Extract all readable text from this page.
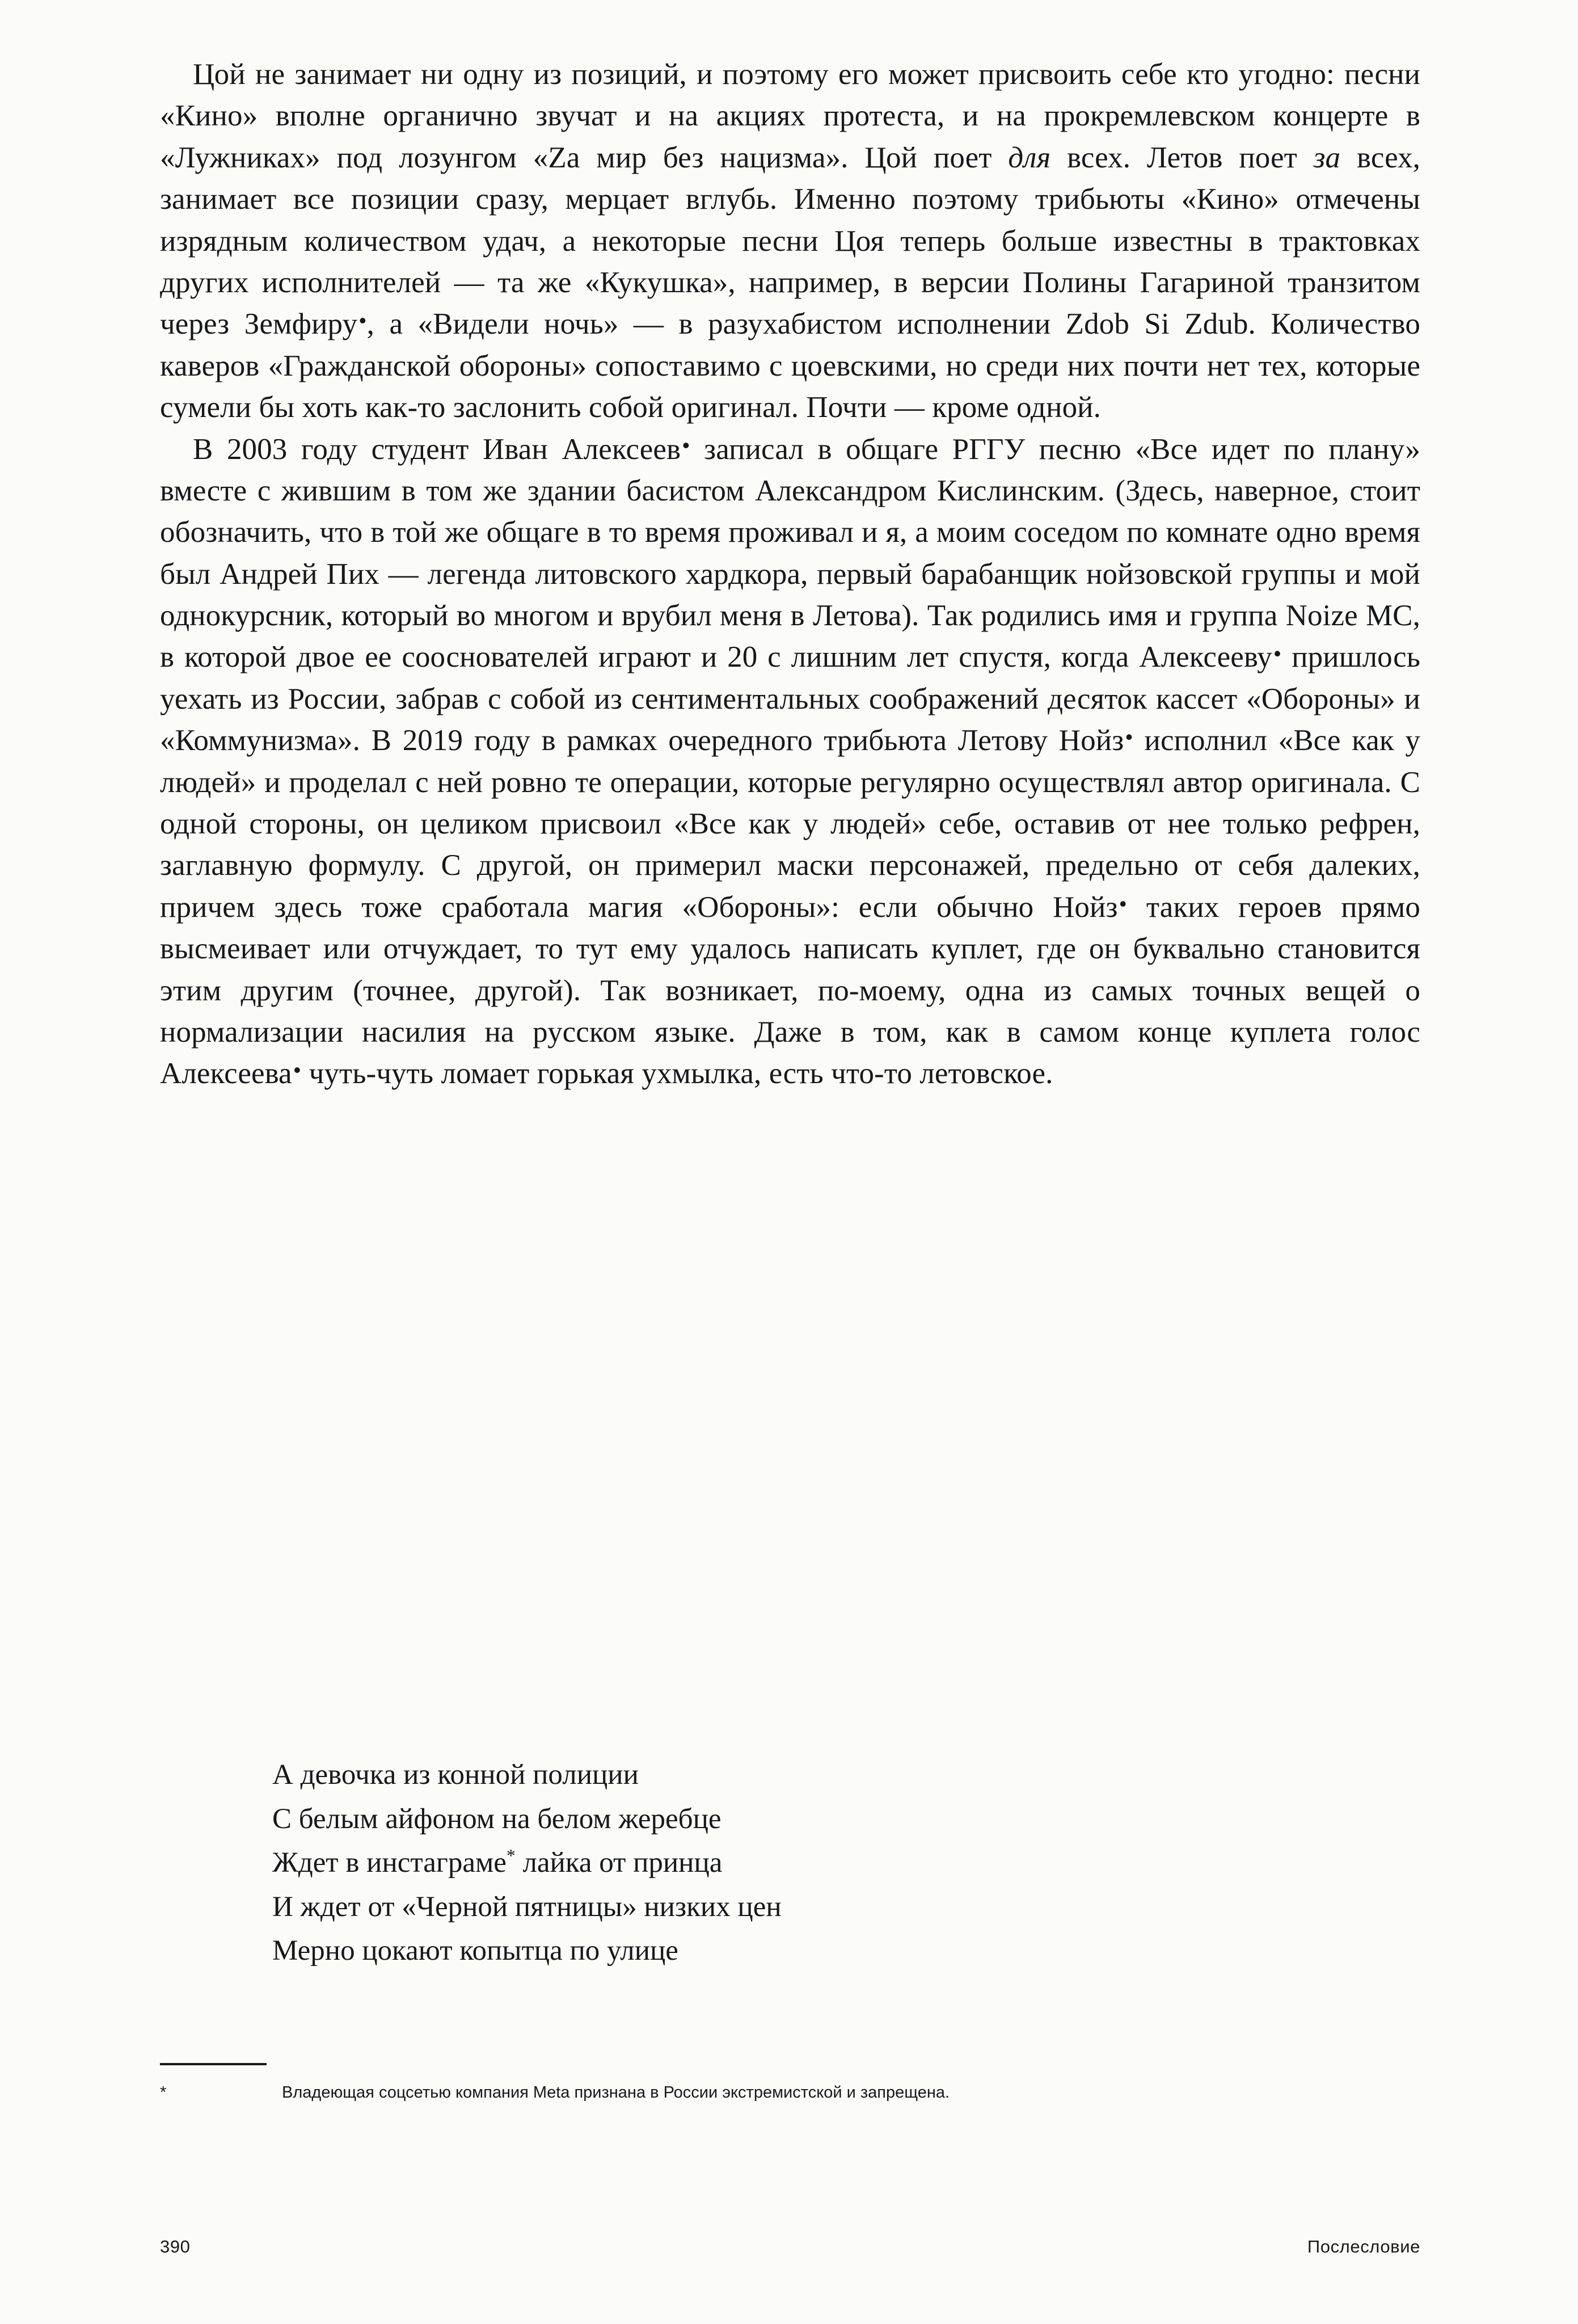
Цой не занимает ни одну из позиций, и поэтому его может присвоить себе кто угодно: песни «Кино» вполне органично звучат и на акциях протеста, и на прокремлевском концерте в «Лужниках» под лозунгом «Za мир без нацизма». Цой поет для всех. Летов поет за всех, занимает все позиции сразу, мерцает вглубь. Именно поэтому трибьюты «Кино» отмечены изрядным количеством удач, а некоторые песни Цоя теперь больше известны в трактовках других исполнителей — та же «Кукушка», например, в версии Полины Гагариной транзитом через Земфиру•, а «Видели ночь» — в разухабистом исполнении Zdob Si Zdub. Количество каверов «Гражданской обороны» сопоставимо с цоевскими, но среди них почти нет тех, которые сумели бы хоть как-то заслонить собой оригинал. Почти — кроме одной.

В 2003 году студент Иван Алексеев• записал в общаге РГГУ песню «Все идет по плану» вместе с жившим в том же здании басистом Александром Кислинским. (Здесь, наверное, стоит обозначить, что в той же общаге в то время проживал и я, а моим соседом по комнате одно время был Андрей Пих — легенда литовского хардкора, первый барабанщик нойзовской группы и мой однокурсник, который во многом и врубил меня в Летова). Так родились имя и группа Noize MC, в которой двое ее сооснователей играют и 20 с лишним лет спустя, когда Алексееву• пришлось уехать из России, забрав с собой из сентиментальных соображений десяток кассет «Обороны» и «Коммунизма». В 2019 году в рамках очередного трибьюта Летову Нойз• исполнил «Все как у людей» и проделал с ней ровно те операции, которые регулярно осуществлял автор оригинала. С одной стороны, он целиком присвоил «Все как у людей» себе, оставив от нее только рефрен, заглавную формулу. С другой, он примерил маски персонажей, предельно от себя далеких, причем здесь тоже сработала магия «Обороны»: если обычно Нойз• таких героев прямо высмеивает или отчуждает, то тут ему удалось написать куплет, где он буквально становится этим другим (точнее, другой). Так возникает, по-моему, одна из самых точных вещей о нормализации насилия на русском языке. Даже в том, как в самом конце куплета голос Алексеева• чуть-чуть ломает горькая ухмылка, есть что-то летовское.

А девочка из конной полиции

С белым айфоном на белом жеребце

Ждет в инстаграме* лайка от принца

И ждет от «Черной пятницы» низких цен

Мерно цокают копытца по улице

*	Владеющая соцсетью компания Meta признана в России экстремистской и запрещена.
390	Послесловие
